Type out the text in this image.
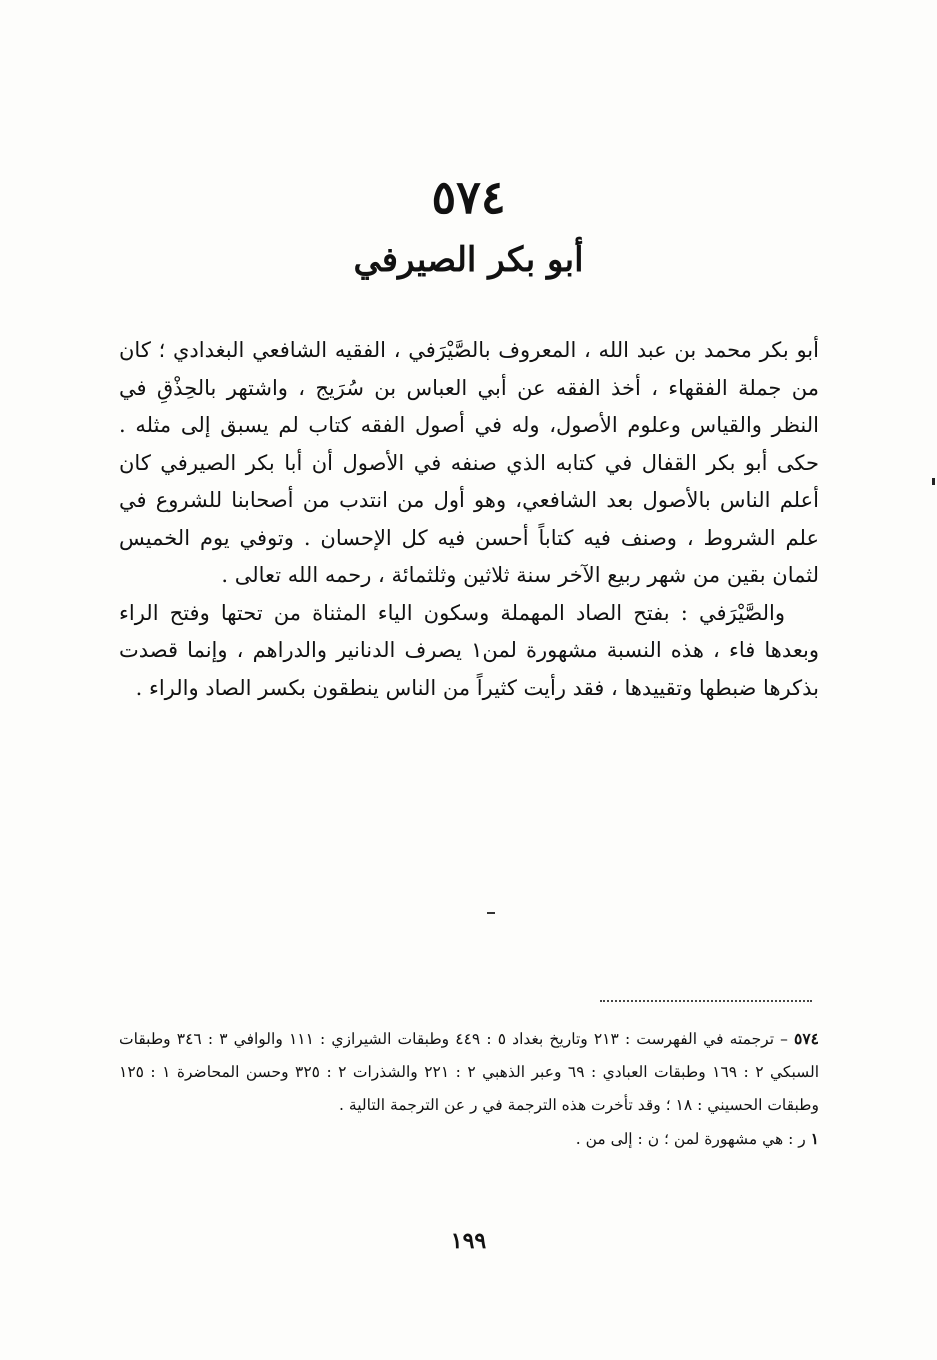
٥٧٤
أبو بكر الصيرفي

أبو بكر محمد بن عبد الله ، المعروف بالصَّيْرَفي ، الفقيه الشافعي البغدادي ؛ كان من جملة الفقهاء ، أخذ الفقه عن أبي العباس بن سُرَيج ، واشتهر بالحِذْقِ في النظر والقياس وعلوم الأصول، وله في أصول الفقه كتاب لم يسبق إلى مثله . حكى أبو بكر القفال في كتابه الذي صنفه في الأصول أن أبا بكر الصيرفي كان أعلم الناس بالأصول بعد الشافعي، وهو أول من انتدب من أصحابنا للشروع في علم الشروط ، وصنف فيه كتاباً أحسن فيه كل الإحسان . وتوفي يوم الخميس لثمان بقين من شهر ربيع الآخر سنة ثلاثين وثلثمائة ، رحمه الله تعالى .

والصَّيْرَفي : بفتح الصاد المهملة وسكون الياء المثناة من تحتها وفتح الراء وبعدها فاء ، هذه النسبة مشهورة لمن١ يصرف الدنانير والدراهم ، وإنما قصدت بذكرها ضبطها وتقييدها ، فقد رأيت كثيراً من الناس ينطقون بكسر الصاد والراء .

٥٧٤ – ترجمته في الفهرست : ٢١٣ وتاريخ بغداد ٥ : ٤٤٩ وطبقات الشيرازي : ١١١ والوافي ٣ : ٣٤٦ وطبقات السبكي ٢ : ١٦٩ وطبقات العبادي : ٦٩ وعبر الذهبي ٢ : ٢٢١ والشذرات ٢ : ٣٢٥ وحسن المحاضرة ١ : ١٢٥ وطبقات الحسيني : ١٨ ؛ وقد تأخرت هذه الترجمة في ر عن الترجمة التالية .

١ ر : هي مشهورة لمن ؛ ن : إلى من .

١٩٩
